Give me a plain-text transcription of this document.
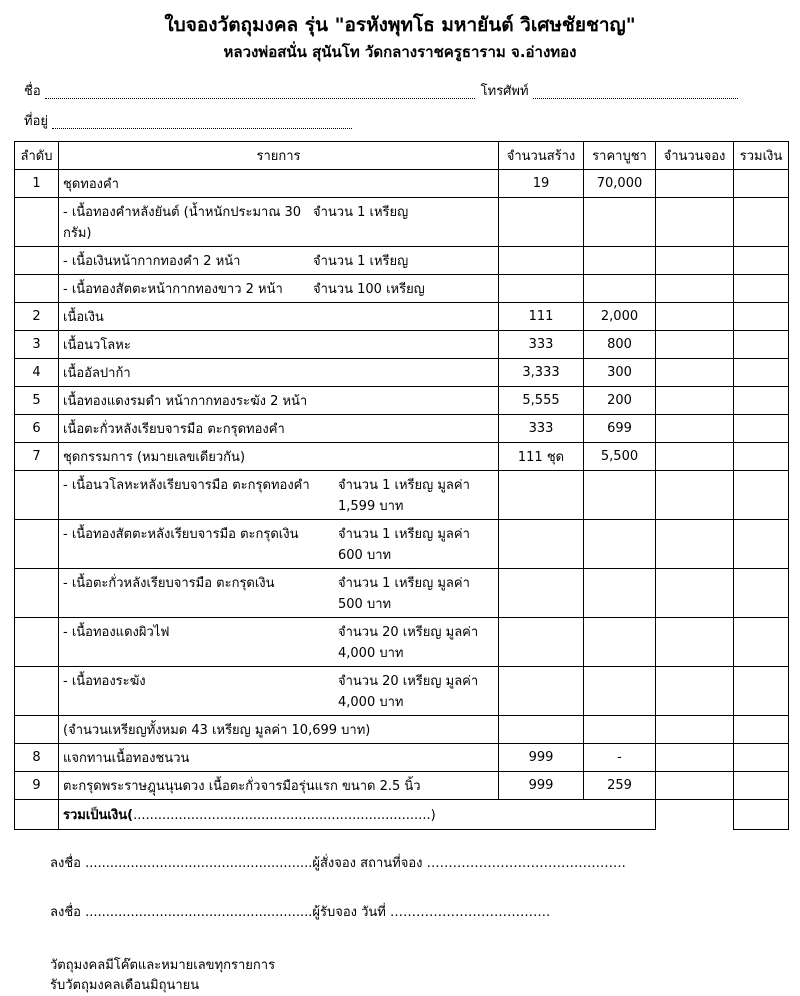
ใบจองวัตถุมงคล รุ่น "อรหังพุทโธ มหายันต์ วิเศษชัยชาญ"
หลวงพ่อสนั่น สุนันโท วัดกลางราชครูธาราม จ.อ่างทอง
ชื่อ	โทรศัพท์
ที่อยู่
ลำดับ	รายการ	จำนวนสร้าง	ราคาบูชา	จำนวนจอง	รวมเงิน
1	ชุดทองคำ	19	70,000		

	- เนื้อทองคำหลังยันต์ (น้ำหนักประมาณ 30 กรัม)
จำนวน 1 เหรียญ				

	- เนื้อเงินหน้ากากทองคำ 2 หน้า จำนวน 1 เหรียญ				

	- เนื้อทองสัตตะหน้ากากทองขาว 2 หน้า จำนวน 100 เหรียญ				

2	เนื้อเงิน	111	2,000		
3	เนื้อนวโลหะ	333	800		
4	เนื้ออัลปาก้า	3,333	300		
5	เนื้อทองแดงรมดำ หน้ากากทองระฆัง 2 หน้า	5,555	200		
6	เนื้อตะกั่วหลังเรียบจารมือ ตะกรุดทองคำ	333	699		
7	ชุดกรรมการ (หมายเลขเดียวกัน)	111 ชุด	5,500		

	- เนื้อนวโลหะหลังเรียบจารมือ ตะกรุดทองคำ จำนวน 1 เหรียญ มูลค่า 1,599 บาท				

	- เนื้อทองสัตตะหลังเรียบจารมือ ตะกรุดเงิน จำนวน 1 เหรียญ มูลค่า 600 บาท				

	- เนื้อตะกั่วหลังเรียบจารมือ ตะกรุดเงิน จำนวน 1 เหรียญ มูลค่า 500 บาท				

	- เนื้อทองแดงผิวไฟ จำนวน 20 เหรียญ มูลค่า 4,000 บาท				

	- เนื้อทองระฆัง จำนวน 20 เหรียญ มูลค่า 4,000 บาท				

	(จำนวนเหรียญทั้งหมด 43 เหรียญ มูลค่า 10,699 บาท)				
8	แจกทานเนื้อทองชนวน	999	-		
9	ตะกรุดพระราษฎุนนุนดวง เนื้อตะกั่วจารมือรุ่นแรก ขนาด 2.5 นิ้ว	999	259		
	รวมเป็นเงิน(........................................................................)				
ลงชื่อ .......................................................ผู้สั่งจอง สถานที่จอง ……………………………………….
ลงชื่อ .......................................................ผู้รับจอง วันที่ ……………………………….
วัตถุมงคลมีโค๊ตและหมายเลขทุกรายการ
รับวัตถุมงคลเดือนมิถุนายน
